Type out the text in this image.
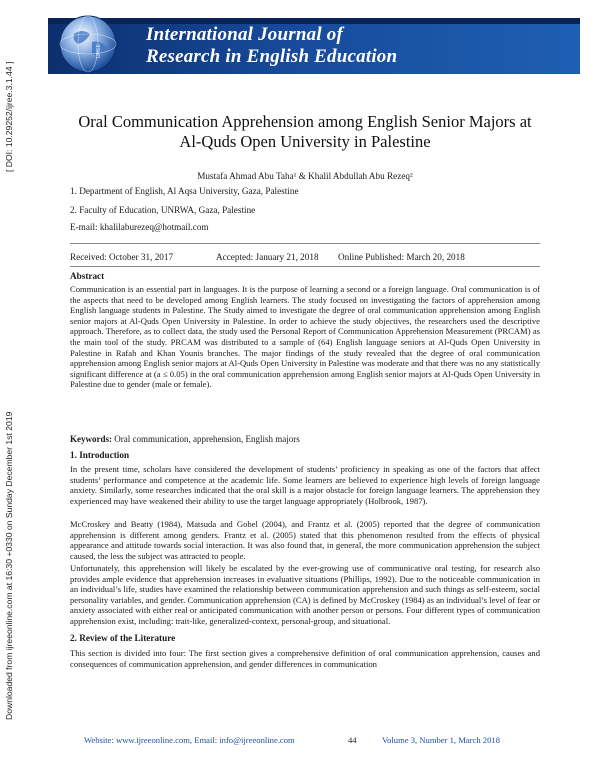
International Journal of
Research in English Education
IJREE
Downloaded from ijreeonline.com at 16:30 +0330 on Sunday December 1st 2019
[ DOI: 10.29252/ijree.3.1.44 ]	Oral Communication Apprehension among English Senior Majors at
Al-Quds Open University in Palestine
Mustafa Ahmad Abu Taha¹ & Khalil Abdullah Abu Rezeq²
1. Department of English, Al Aqsa University, Gaza, Palestine
2. Faculty of Education, UNRWA, Gaza, Palestine
E-mail: khalilaburezeq@hotmail.com
Received: October 31, 2017	Accepted: January 21, 2018 Online Published: March 20, 2018
Abstract
Communication is an essential part in languages. It is the purpose of learning a second or a foreign language. Oral communication is of the aspects that need to be developed among English learners. The study focused on investigating the factors of apprehension among English language students in Palestine. The Study aimed to investigate the degree of oral communication apprehension among English senior majors at Al-Quds Open University in Palestine. In order to achieve the study objectives, the researchers used the descriptive approach. Therefore, as to collect data, the study used the Personal Report of Communication Apprehension Measurement (PRCAM) as the main tool of the study. PRCAM was distributed to a sample of (64) English language seniors at Al-Quds Open University in Palestine in Rafah and Khan Younis branches. The major findings of the study revealed that the degree of oral communication apprehension among English senior majors at Al-Quds Open University in Palestine was moderate and that there was no any statistically significant difference at (a ≤ 0.05) in the oral communication apprehension among English senior majors at Al-Quds Open University in Palestine due to gender (male or female).
Keywords: Oral communication, apprehension, English majors
1. Introduction
In the present time, scholars have considered the development of students’ proficiency in speaking as one of the factors that affect students’ performance and competence at the academic life. Some learners are believed to experience high levels of foreign language anxiety. Similarly, some researches indicated that the oral skill is a major obstacle for foreign language learners. The apprehension they experienced may have weakened their ability to use the target language appropriately (Holbrook, 1987).
McCroskey and Beatty (1984), Matsuda and Gobel (2004), and Frantz et al. (2005) reported that the degree of communication apprehension is different among genders. Frantz et al. (2005) stated that this phenomenon resulted from the effects of physical appearance and attitude towards social interaction. It was also found that, in general, the more communication apprehension the subject caused, the less the subject was attracted to people.
Unfortunately, this apprehension will likely be escalated by the ever-growing use of communicative oral testing, for research also provides ample evidence that apprehension increases in evaluative situations (Phillips, 1992). Due to the noticeable communication in an individual’s life, studies have examined the relationship between communication apprehension and such things as self-esteem, social personality variables, and gender. Communication apprehension (CA) is defined by McCroskey (1984) as an individual’s level of fear or anxiety associated with either real or anticipated communication with another person or persons. Four different types of communication apprehension exist, including: trait-like, generalized-context, personal-group, and situational.
2. Review of the Literature
This section is divided into four: The first section gives a comprehensive definition of oral communication apprehension, causes and consequences of communication apprehension, and gender differences in communication
Website: www.ijreeonline.com, Email: info@ijreeonline.com	44	Volume 3, Number 1, March 2018
